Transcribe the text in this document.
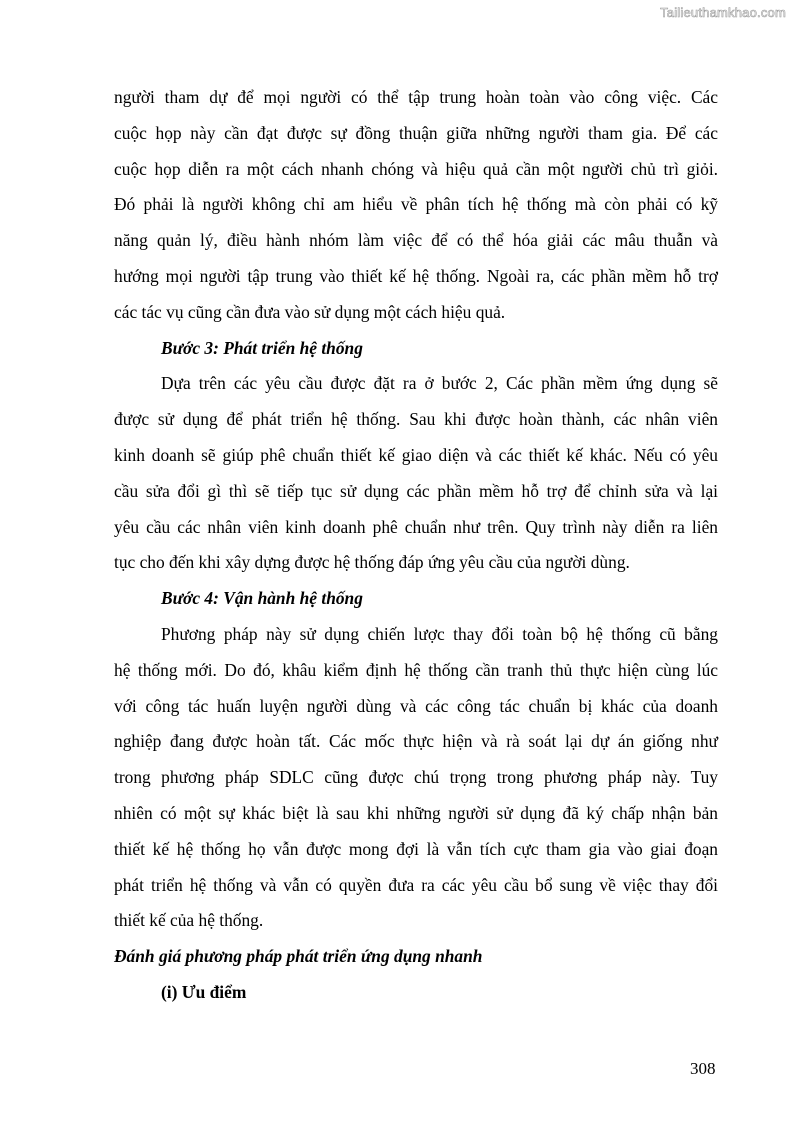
Tailieuthamkhao.com
người tham dự để mọi người có thể tập trung hoàn toàn vào công việc. Các
cuộc họp này cần đạt được sự đồng thuận giữa những người tham gia. Để các
cuộc họp diễn ra một cách nhanh chóng và hiệu quả cần một người chủ trì giỏi.
Đó phải là người không chỉ am hiểu về phân tích hệ thống mà còn phải có kỹ
năng quản lý, điều hành nhóm làm việc để có thể hóa giải các mâu thuẫn và
hướng mọi người tập trung vào thiết kế hệ thống. Ngoài ra, các phần mềm hỗ trợ
các tác vụ cũng cần đưa vào sử dụng một cách hiệu quả.
Bước 3: Phát triển hệ thống
Dựa trên các yêu cầu được đặt ra ở bước 2, Các phần mềm ứng dụng sẽ
được sử dụng để phát triển hệ thống. Sau khi được hoàn thành, các nhân viên
kinh doanh sẽ giúp phê chuẩn thiết kế giao diện và các thiết kế khác. Nếu có yêu
cầu sửa đổi gì thì sẽ tiếp tục sử dụng các phần mềm hỗ trợ để chỉnh sửa và lại
yêu cầu các nhân viên kinh doanh phê chuẩn như trên. Quy trình này diễn ra liên
tục cho đến khi xây dựng được hệ thống đáp ứng yêu cầu của người dùng.
Bước 4: Vận hành hệ thống
Phương pháp này sử dụng chiến lược thay đổi toàn bộ hệ thống cũ bằng
hệ thống mới. Do đó, khâu kiểm định hệ thống cần tranh thủ thực hiện cùng lúc
với công tác huấn luyện người dùng và các công tác chuẩn bị khác của doanh
nghiệp đang được hoàn tất. Các mốc thực hiện và rà soát lại dự án giống như
trong phương pháp SDLC cũng được chú trọng trong phương pháp này. Tuy
nhiên có một sự khác biệt là sau khi những người sử dụng đã ký chấp nhận bản
thiết kế hệ thống họ vẫn được mong đợi là vẫn tích cực tham gia vào giai đoạn
phát triển hệ thống và vẫn có quyền đưa ra các yêu cầu bổ sung về việc thay đổi
thiết kế của hệ thống.
Đánh giá phương pháp phát triển ứng dụng nhanh
(i) Ưu điểm
308
